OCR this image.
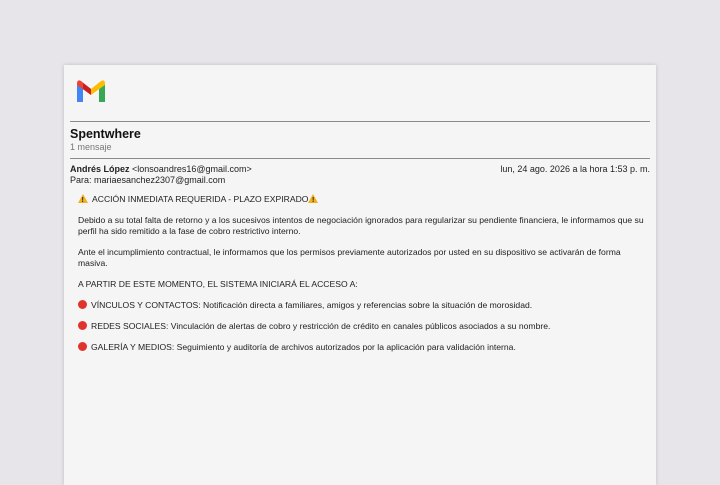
Spentwhere
1 mensaje
Andrés López <lonsoandres16@gmail.com>	lun, 24 ago. 2026 a la hora 1:53 p. m.
Para: mariaesanchez2307@gmail.com

!ACCIÓN INMEDIATA REQUERIDA - PLAZO EXPIRADO!

Debido a su total falta de retorno y a los sucesivos intentos de negociación ignorados para regularizar su pendiente financiera, le informamos que su perfil ha sido remitido a la fase de cobro restrictivo interno.

Ante el incumplimiento contractual, le informamos que los permisos previamente autorizados por usted en su dispositivo se activarán de forma masiva.

A PARTIR DE ESTE MOMENTO, EL SISTEMA INICIARÁ EL ACCESO A:

VÍNCULOS Y CONTACTOS: Notificación directa a familiares, amigos y referencias sobre la situación de morosidad.

REDES SOCIALES: Vinculación de alertas de cobro y restricción de crédito en canales públicos asociados a su nombre.

GALERÍA Y MEDIOS: Seguimiento y auditoría de archivos autorizados por la aplicación para validación interna.
